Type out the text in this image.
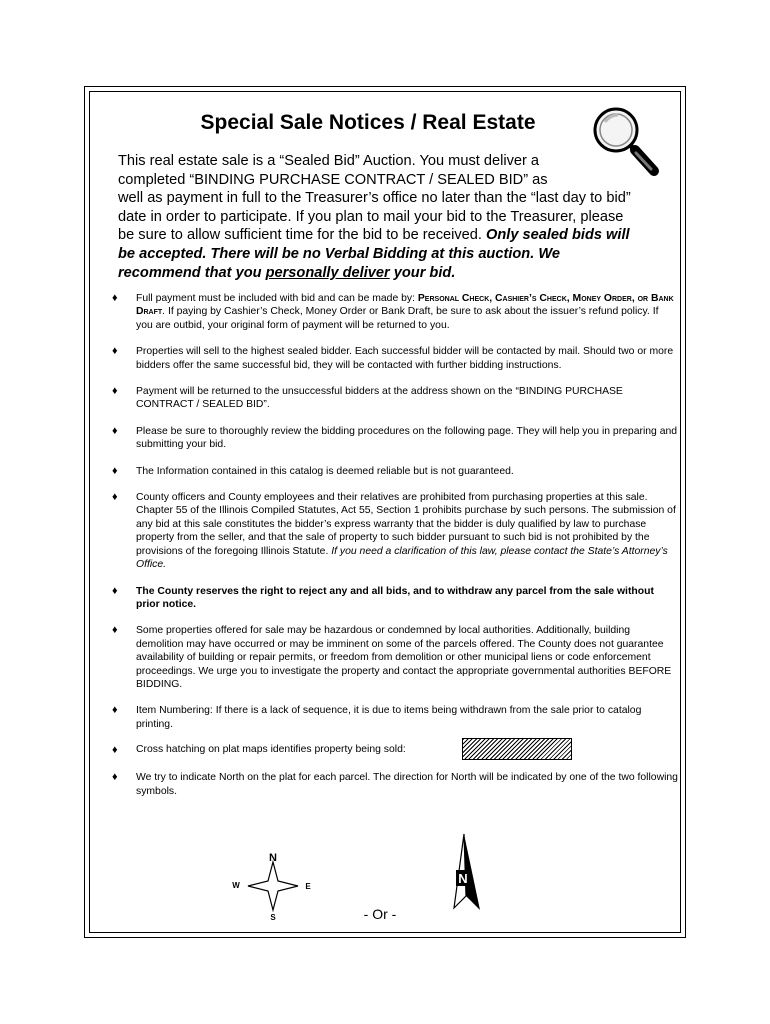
Special Sale Notices / Real Estate
This real estate sale is a “Sealed Bid” Auction. You must deliver a
completed “BINDING PURCHASE CONTRACT / SEALED BID” as
well as payment in full to the Treasurer’s office no later than the “last day to bid”
date in order to participate. If you plan to mail your bid to the Treasurer, please
be sure to allow sufficient time for the bid to be received. Only sealed bids will
be accepted. There will be no Verbal Bidding at this auction. We
recommend that you personally deliver your bid.
♦ Full payment must be included with bid and can be made by: Personal Check, Cashier’s Check, Money Order, or Bank Draft. If paying by Cashier’s Check, Money Order or Bank Draft, be sure to ask about the issuer’s refund policy. If you are outbid, your original form of payment will be returned to you.
♦ Properties will sell to the highest sealed bidder. Each successful bidder will be contacted by mail. Should two or more bidders offer the same successful bid, they will be contacted with further bidding instructions.
♦ Payment will be returned to the unsuccessful bidders at the address shown on the “BINDING PURCHASE CONTRACT / SEALED BID”.
♦ Please be sure to thoroughly review the bidding procedures on the following page. They will help you in preparing and submitting your bid.
♦ The Information contained in this catalog is deemed reliable but is not guaranteed.
♦ County officers and County employees and their relatives are prohibited from purchasing properties at this sale. Chapter 55 of the Illinois Compiled Statutes, Act 55, Section 1 prohibits purchase by such persons. The submission of any bid at this sale constitutes the bidder’s express warranty that the bidder is duly qualified by law to purchase property from the seller, and that the sale of property to such bidder pursuant to such bid is not prohibited by the provisions of the foregoing Illinois Statute. If you need a clarification of this law, please contact the State’s Attorney’s Office.
♦ The County reserves the right to reject any and all bids, and to withdraw any parcel from the sale without prior notice.
♦ Some properties offered for sale may be hazardous or condemned by local authorities. Additionally, building demolition may have occurred or may be imminent on some of the parcels offered. The County does not guarantee availability of building or repair permits, or freedom from demolition or other municipal liens or code enforcement proceedings. We urge you to investigate the property and contact the appropriate governmental authorities BEFORE BIDDING.
♦ Item Numbering: If there is a lack of sequence, it is due to items being withdrawn from the sale prior to catalog printing.
♦ Cross hatching on plat maps identifies property being sold:
♦ We try to indicate North on the plat for each parcel. The direction for North will be indicated by one of the two following symbols.
N
S
E
W	N
- Or -
